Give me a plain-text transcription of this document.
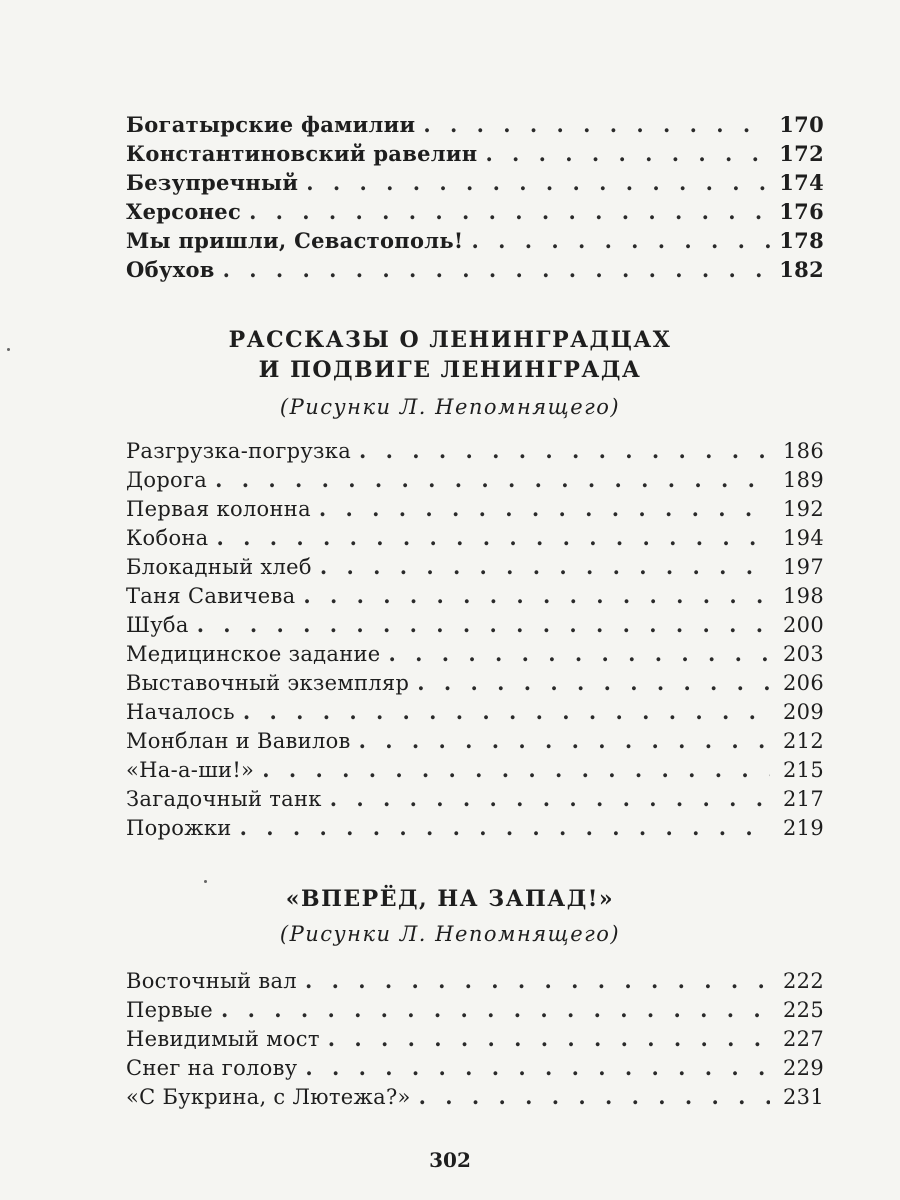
Богатырские фамилии . . .	170
Константиновский равелин . . .	172
Безупречный . . .	174
Херсонес . . .	176
Мы пришли, Севастополь! . . .	178
Обухов . . .	182
РАССКАЗЫ О ЛЕНИНГРАДЦАХ
И ПОДВИГЕ ЛЕНИНГРАДА
(Рисунки Л. Непомнящего)
Разгрузка-погрузка . . .	186
Дорога . . .	189
Первая колонна . . .	192
Кобона . . .	194
Блокадный хлеб . . .	197
Таня Савичева . . .	198
Шуба . . .	200
Медицинское задание . . .	203
Выставочный экземпляр . . .	206
Началось . . .	209
Монблан и Вавилов . . .	212
«На-а-ши!» . . .	215
Загадочный танк . . .	217
Порожки . . .	219
«ВПЕРЁД, НА ЗАПАД!»
(Рисунки Л. Непомнящего)
Восточный вал . . .	222
Первые . . .	225
Невидимый мост . . .	227
Снег на голову . . .	229
«С Букрина, с Лютежа?» . . .	231
302
